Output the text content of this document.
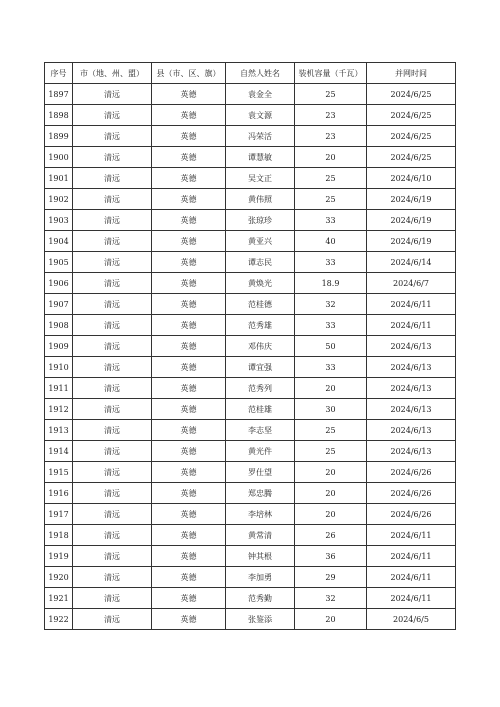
序号	市（地、州、盟）	县（市、区、旗）	自然人姓名	装机容量（千瓦）	并网时间
1897	清远	英德	袁金全	25	2024/6/25
1898	清远	英德	袁文源	23	2024/6/25
1899	清远	英德	冯荣活	23	2024/6/25
1900	清远	英德	谭慧敏	20	2024/6/25
1901	清远	英德	吴文正	25	2024/6/10
1902	清远	英德	黄伟照	25	2024/6/19
1903	清远	英德	张琼珍	33	2024/6/19
1904	清远	英德	黄亚兴	40	2024/6/19
1905	清远	英德	谭志民	33	2024/6/14
1906	清远	英德	黄焕光	18.9	2024/6/7
1907	清远	英德	范桂德	32	2024/6/11
1908	清远	英德	范秀雄	33	2024/6/11
1909	清远	英德	邓伟庆	50	2024/6/13
1910	清远	英德	谭宜强	33	2024/6/13
1911	清远	英德	范秀列	20	2024/6/13
1912	清远	英德	范桂雄	30	2024/6/13
1913	清远	英德	李志坚	25	2024/6/13
1914	清远	英德	黄光件	25	2024/6/13
1915	清远	英德	罗仕望	20	2024/6/26
1916	清远	英德	郑忠腾	20	2024/6/26
1917	清远	英德	李培林	20	2024/6/26
1918	清远	英德	黄常清	26	2024/6/11
1919	清远	英德	钟其根	36	2024/6/11
1920	清远	英德	李加勇	29	2024/6/11
1921	清远	英德	范秀勤	32	2024/6/11
1922	清远	英德	张鉴添	20	2024/6/5
